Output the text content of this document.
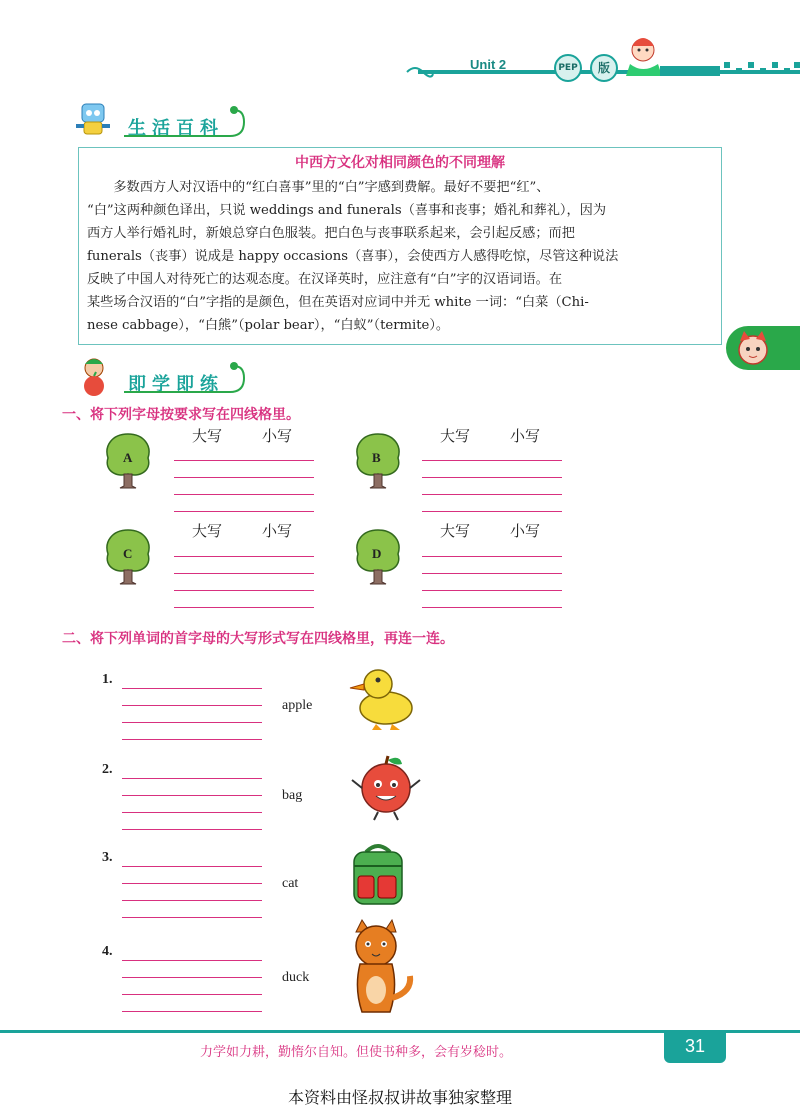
Unit 2	PEP	版
生活百科
中西方文化对相同颜色的不同理解
　　多数西方人对汉语中的“红白喜事”里的“白”字感到费解。最好不要把“红”、
“白”这两种颜色译出，只说 weddings and funerals（喜事和丧事；婚礼和葬礼），因为
西方人举行婚礼时，新娘总穿白色服装。把白色与丧事联系起来，会引起反感；而把
funerals（丧事）说成是 happy occasions（喜事），会使西方人感得吃惊，尽管这种说法
反映了中国人对待死亡的达观态度。在汉译英时，应注意有“白”字的汉语词语。在
某些场合汉语的“白”字指的是颜色，但在英语对应词中并无 white 一词：“白菜（Chi-
nese cabbage），“白熊”（polar bear），“白蚁”（termite）。
即学即练
一、将下列字母按要求写在四线格里。
A
大写	小写
B
大写	小写
C
大写	小写
D
大写	小写
二、将下列单词的首字母的大写形式写在四线格里，再连一连。
1.
apple
2.
bag
3.
cat
4.
duck
力学如力耕，勤惰尔自知。但使书种多，会有岁稔时。	31
本资料由怪叔叔讲故事独家整理
